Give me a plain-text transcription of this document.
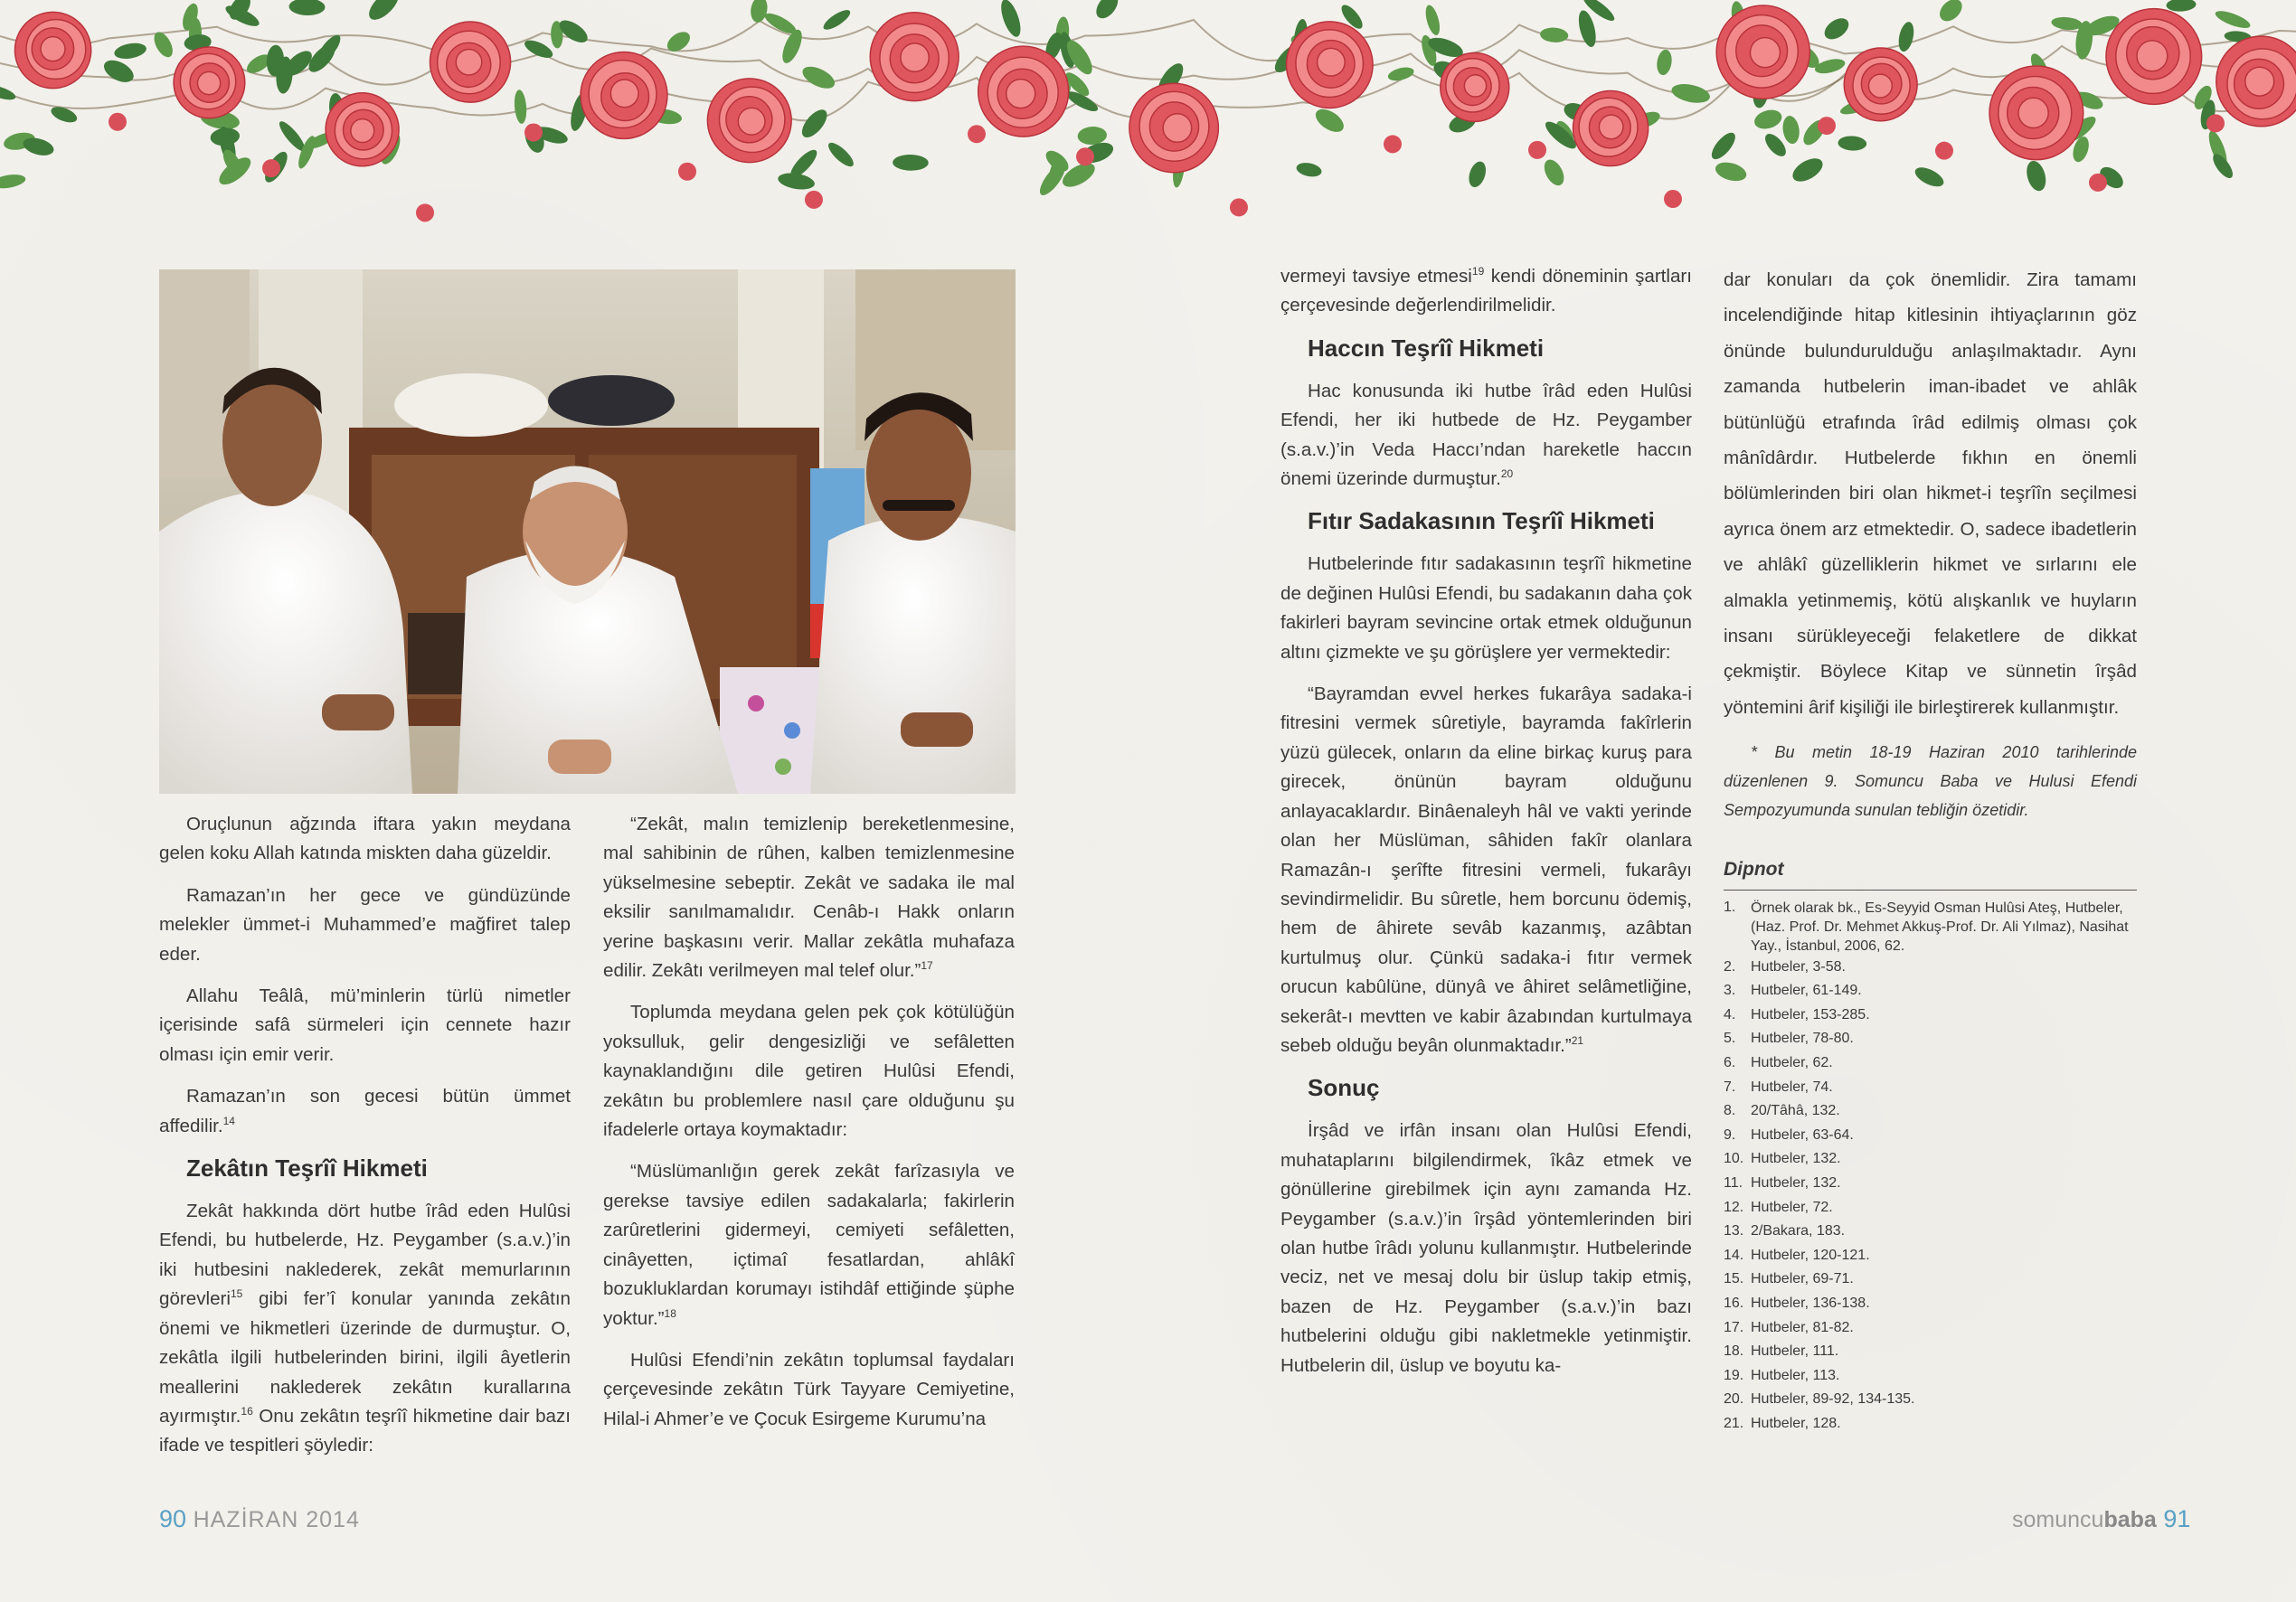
Oruçlunun ağzında iftara yakın meydana gelen koku Allah katında miskten daha güzeldir.

Ramazan’ın her gece ve gündüzünde melekler ümmet-i Muhammed’e mağfiret talep eder.

Allahu Teâlâ, mü’minlerin türlü nimetler içerisinde safâ sürmeleri için cennete hazır olması için emir verir.

Ramazan’ın son gecesi bütün ümmet affedilir.$^{14}$

Zekâtın Teşrîî Hikmeti

Zekât hakkında dört hutbe îrâd eden Hulûsi Efendi, bu hutbelerde, Hz. Peygamber (s.a.v.)’in iki hutbesini naklederek, zekât memurlarının görevleri$^{15}$ gibi fer’î konular yanında zekâtın önemi ve hikmetleri üzerinde de durmuştur. O, zekâtla ilgili hutbelerinden birini, ilgili âyetlerin meallerini naklederek zekâtın kurallarına ayırmıştır.$^{16}$ Onu zekâtın teşrîî hikmetine dair bazı ifade ve tespitleri şöyledir:

“Zekât, malın temizlenip bereketlenmesine, mal sahibinin de rûhen, kalben temizlenmesine yükselmesine sebeptir. Zekât ve sadaka ile mal eksilir sanılmamalıdır. Cenâb-ı Hakk onların yerine başkasını verir. Mallar zekâtla muhafaza edilir. Zekâtı verilmeyen mal telef olur.”$^{17}$

Toplumda meydana gelen pek çok kötülüğün yoksulluk, gelir dengesizliği ve sefâletten kaynaklandığını dile getiren Hulûsi Efendi, zekâtın bu problemlere nasıl çare olduğunu şu ifadelerle ortaya koymaktadır:

“Müslümanlığın gerek zekât farîzasıyla ve gerekse tavsiye edilen sadakalarla; fakirlerin zarûretlerini gidermeyi, cemiyeti sefâletten, cinâyetten, içtimaî fesatlardan, ahlâkî bozukluklardan korumayı istihdâf ettiğinde şüphe yoktur.”$^{18}$

Hulûsi Efendi’nin zekâtın toplumsal faydaları çerçevesinde zekâtın Türk Tayyare Cemiyetine, Hilal-i Ahmer’e ve Çocuk Esirgeme Kurumu’na

vermeyi tavsiye etmesi$^{19}$ kendi döneminin şartları çerçevesinde değerlendirilmelidir.

Haccın Teşrîî Hikmeti

Hac konusunda iki hutbe îrâd eden Hulûsi Efendi, her iki hutbede de Hz. Peygamber (s.a.v.)’in Veda Haccı’ndan hareketle haccın önemi üzerinde durmuştur.$^{20}$

Fıtır Sadakasının Teşrîî Hikmeti

Hutbelerinde fıtır sadakasının teşrîî hikmetine de değinen Hulûsi Efendi, bu sadakanın daha çok fakirleri bayram sevincine ortak etmek olduğunun altını çizmekte ve şu görüşlere yer vermektedir:

“Bayramdan evvel herkes fukarâya sadaka-i fitresini vermek sûretiyle, bayramda fakîrlerin yüzü gülecek, onların da eline birkaç kuruş para girecek, önünün bayram olduğunu anlayacaklardır. Binâenaleyh hâl ve vakti yerinde olan her Müslüman, sâhiden fakîr olanlara Ramazân-ı şerîfte fitresini vermeli, fukarâyı sevindirmelidir. Bu sûretle, hem borcunu ödemiş, hem de âhirete sevâb kazanmış, azâbtan kurtulmuş olur. Çünkü sadaka-i fıtır vermek orucun kabûlüne, dünyâ ve âhiret selâmetliğine, sekerât-ı mevtten ve kabir âzabından kurtulmaya sebeb olduğu beyân olunmaktadır.”$^{21}$

Sonuç

İrşâd ve irfân insanı olan Hulûsi Efendi, muhataplarını bilgilendirmek, îkâz etmek ve gönüllerine girebilmek için aynı zamanda Hz. Peygamber (s.a.v.)’in îrşâd yöntemlerinden biri olan hutbe îrâdı yolunu kullanmıştır. Hutbelerinde veciz, net ve mesaj dolu bir üslup takip etmiş, bazen de Hz. Peygamber (s.a.v.)’in bazı hutbelerini olduğu gibi nakletmekle yetinmiştir. Hutbelerin dil, üslup ve boyutu ka-

dar konuları da çok önemlidir. Zira tamamı incelendiğinde hitap kitlesinin ihtiyaçlarının göz önünde bulundurulduğu anlaşılmaktadır. Aynı zamanda hutbelerin iman-ibadet ve ahlâk bütünlüğü etrafında îrâd edilmiş olması çok mânîdârdır. Hutbelerde fıkhın en önemli bölümlerinden biri olan hikmet-i teşrîîn seçilmesi ayrıca önem arz etmektedir. O, sadece ibadetlerin ve ahlâkî güzelliklerin hikmet ve sırlarını ele almakla yetinmemiş, kötü alışkanlık ve huyların insanı sürükleyeceği felaketlere de dikkat çekmiştir. Böylece Kitap ve sünnetin îrşâd yöntemini ârif kişiliği ile birleştirerek kullanmıştır.

* Bu metin 18-19 Haziran 2010 tarihlerinde düzenlenen 9. Somuncu Baba ve Hulusi Efendi Sempozyumunda sunulan tebliğin özetidir.

Dipnot
1.	Örnek olarak bk., Es-Seyyid Osman Hulûsi Ateş, Hutbeler, (Haz. Prof. Dr. Mehmet Akkuş-Prof. Dr. Ali Yılmaz), Nasihat Yay., İstanbul, 2006, 62.
2.	Hutbeler, 3-58.
3.	Hutbeler, 61-149.
4.	Hutbeler, 153-285.
5.	Hutbeler, 78-80.
6.	Hutbeler, 62.
7.	Hutbeler, 74.
8.	20/Tâhâ, 132.
9.	Hutbeler, 63-64.
10. Hutbeler, 132.
11. Hutbeler, 132.
12. Hutbeler, 72.
13. 2/Bakara, 183.
14. Hutbeler, 120-121.
15. Hutbeler, 69-71.
16. Hutbeler, 136-138.
17. Hutbeler, 81-82.
18. Hutbeler, 111.
19. Hutbeler, 113.
20. Hutbeler, 89-92, 134-135.
21. Hutbeler, 128.
90 HAZİRAN 2014	somuncubaba 91
